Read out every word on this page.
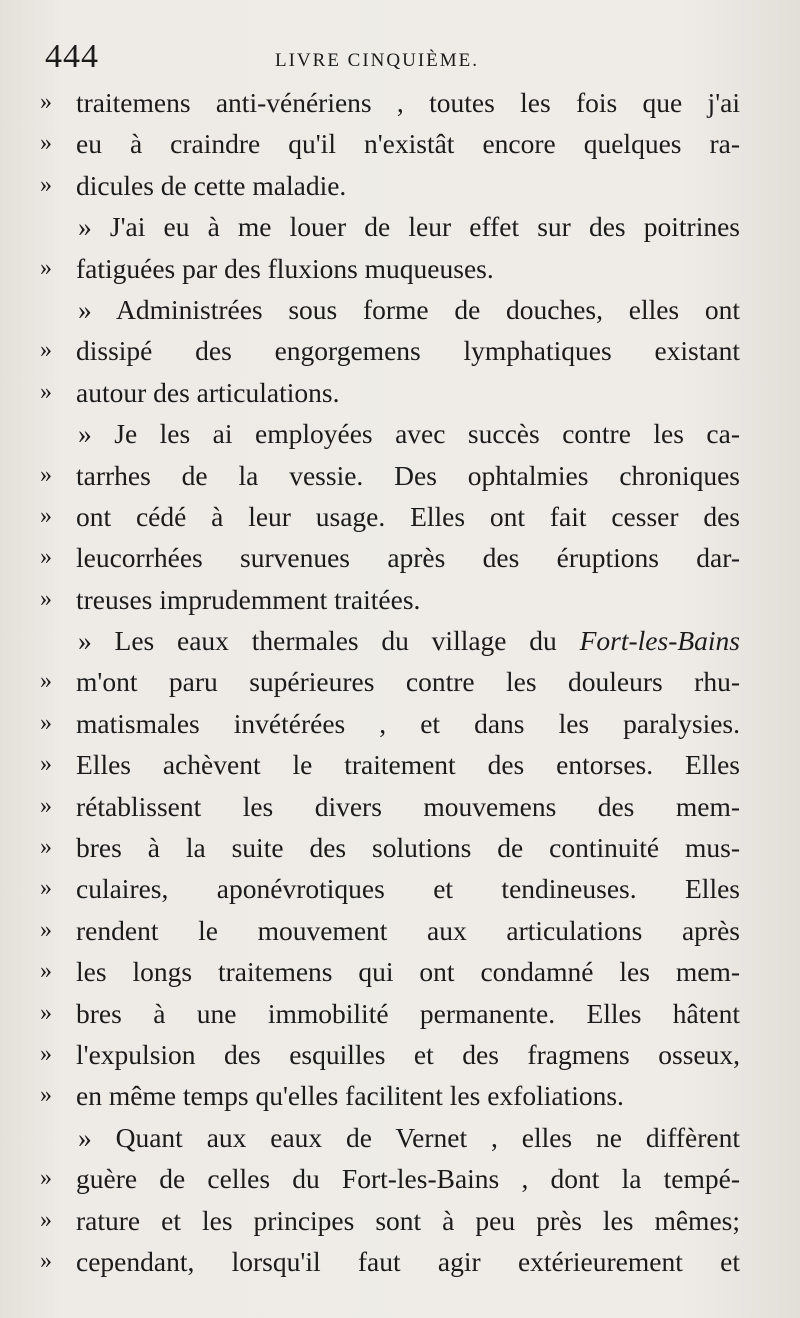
444	LIVRE CINQUIÈME.
» traitemens anti-vénériens , toutes les fois que j'ai
» eu à craindre qu'il n'existât encore quelques ra-
» dicules de cette maladie.
» J'ai eu à me louer de leur effet sur des poitrines
» fatiguées par des fluxions muqueuses.
» Administrées sous forme de douches, elles ont
» dissipé des engorgemens lymphatiques existant
» autour des articulations.
» Je les ai employées avec succès contre les ca-
» tarrhes de la vessie. Des ophtalmies chroniques
» ont cédé à leur usage. Elles ont fait cesser des
» leucorrhées survenues après des éruptions dar-
» treuses imprudemment traitées.
» Les eaux thermales du village du Fort-les-Bains
» m'ont paru supérieures contre les douleurs rhu-
» matismales invétérées , et dans les paralysies.
» Elles achèvent le traitement des entorses. Elles
» rétablissent les divers mouvemens des mem-
» bres à la suite des solutions de continuité mus-
» culaires, aponévrotiques et tendineuses. Elles
» rendent le mouvement aux articulations après
» les longs traitemens qui ont condamné les mem-
» bres à une immobilité permanente. Elles hâtent
» l'expulsion des esquilles et des fragmens osseux,
» en même temps qu'elles facilitent les exfoliations.
» Quant aux eaux de Vernet , elles ne diffèrent
» guère de celles du Fort-les-Bains , dont la tempé-
» rature et les principes sont à peu près les mêmes;
» cependant, lorsqu'il faut agir extérieurement et
